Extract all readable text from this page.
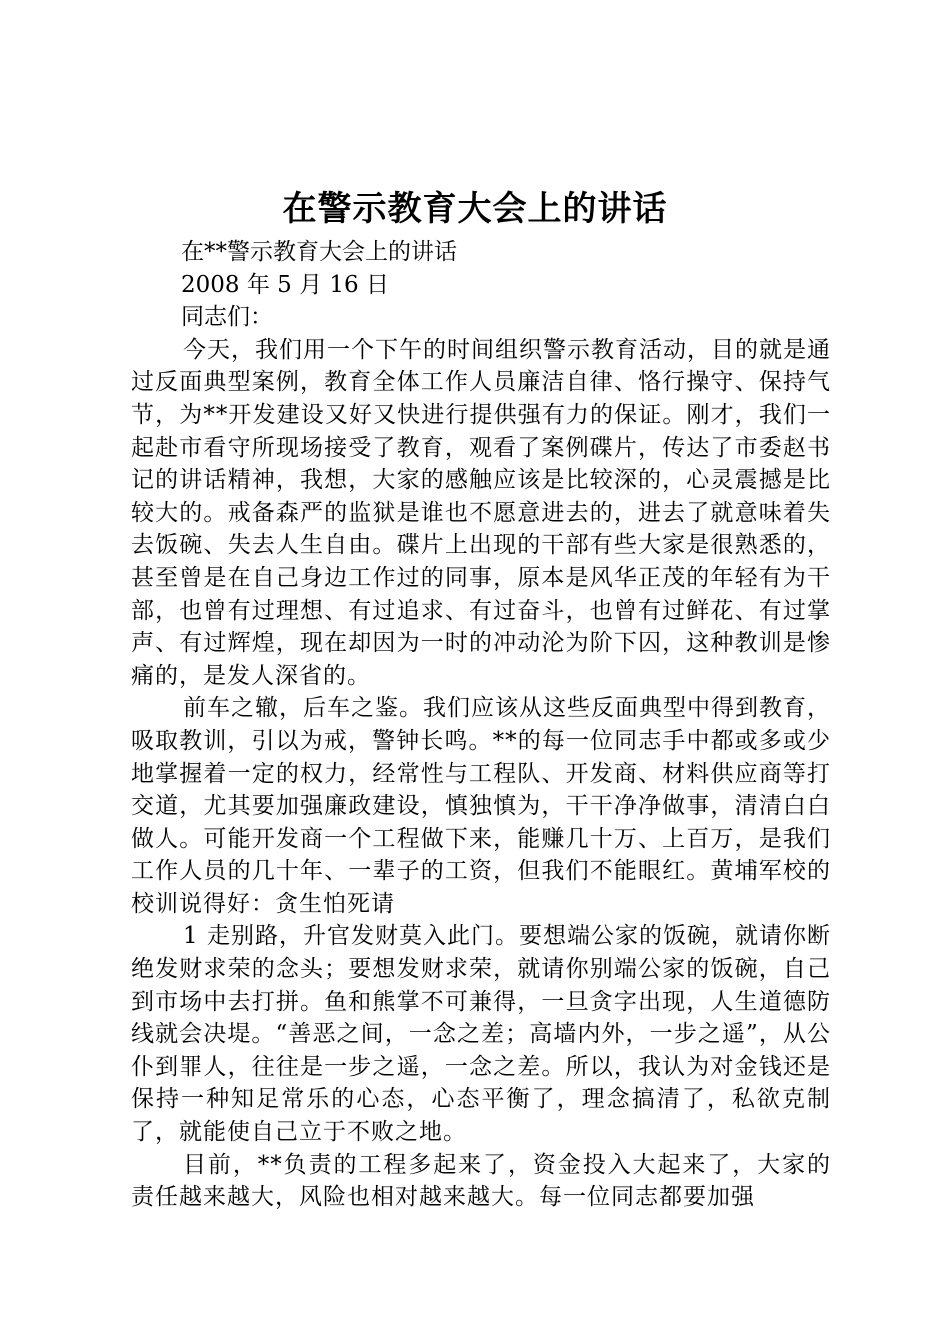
在警示教育大会上的讲话

在**警示教育大会上的讲话

2008 年 5 月 16 日

同志们：

今天，我们用一个下午的时间组织警示教育活动，目的就是通过反面典型案例，教育全体工作人员廉洁自律、恪行操守、保持气节，为**开发建设又好又快进行提供强有力的保证。刚才，我们一起赴市看守所现场接受了教育，观看了案例碟片，传达了市委赵书记的讲话精神，我想，大家的感触应该是比较深的，心灵震撼是比较大的。戒备森严的监狱是谁也不愿意进去的，进去了就意味着失去饭碗、失去人生自由。碟片上出现的干部有些大家是很熟悉的，甚至曾是在自己身边工作过的同事，原本是风华正茂的年轻有为干部，也曾有过理想、有过追求、有过奋斗，也曾有过鲜花、有过掌声、有过辉煌，现在却因为一时的冲动沦为阶下囚，这种教训是惨痛的，是发人深省的。

前车之辙，后车之鉴。我们应该从这些反面典型中得到教育，吸取教训，引以为戒，警钟长鸣。**的每一位同志手中都或多或少地掌握着一定的权力，经常性与工程队、开发商、材料供应商等打交道，尤其要加强廉政建设，慎独慎为，干干净净做事，清清白白做人。可能开发商一个工程做下来，能赚几十万、上百万，是我们工作人员的几十年、一辈子的工资，但我们不能眼红。黄埔军校的校训说得好：贪生怕死请

1 走别路，升官发财莫入此门。要想端公家的饭碗，就请你断绝发财求荣的念头；要想发财求荣，就请你别端公家的饭碗，自己到市场中去打拼。鱼和熊掌不可兼得，一旦贪字出现，人生道德防线就会决堤。“善恶之间，一念之差；高墙内外，一步之遥”，从公仆到罪人，往往是一步之遥，一念之差。所以，我认为对金钱还是保持一种知足常乐的心态，心态平衡了，理念搞清了，私欲克制了，就能使自己立于不败之地。

目前，**负责的工程多起来了，资金投入大起来了，大家的责任越来越大，风险也相对越来越大。每一位同志都要加强
